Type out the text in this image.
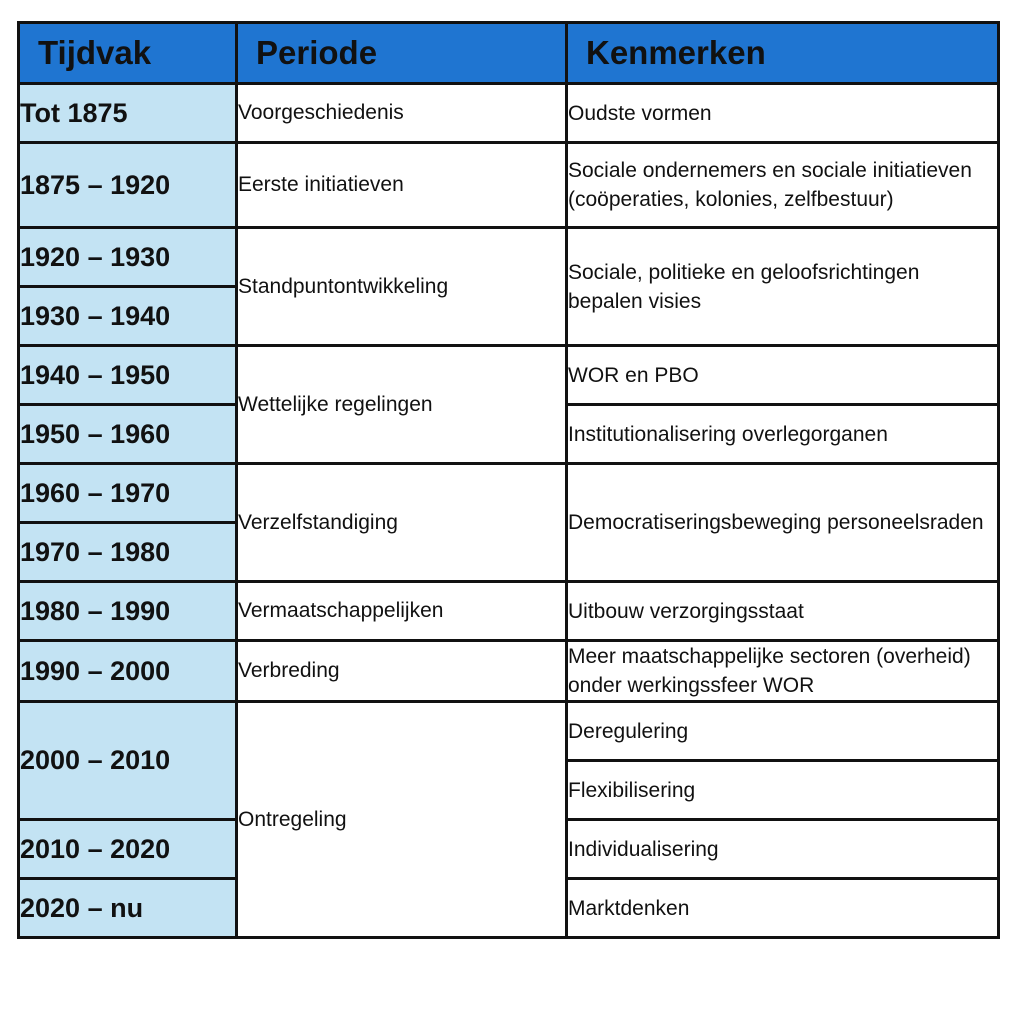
Tijdvak	Periode	Kenmerken

Tot 1875	Voorgeschiedenis	Oudste vormen
1875 – 1920	Eerste initiatieven	Sociale ondernemers en sociale initiatieven (coöperaties, kolonies, zelfbestuur)
1920 – 1930	Standpuntontwikkeling	Sociale, politieke en geloofsrichtingen bepalen visies
1930 – 1940		
1940 – 1950	Wettelijke regelingen	WOR en PBO
1950 – 1960		Institutionalisering overlegorganen
1960 – 1970	Verzelfstandiging	Democratiseringsbeweging personeelsraden
1970 – 1980		
1980 – 1990	Vermaatschappelijken	Uitbouw verzorgingsstaat
1990 – 2000	Verbreding	Meer maatschappelijke sectoren (overheid) onder werkingssfeer WOR
2000 – 2010	Ontregeling	Deregulering
		Flexibilisering
2010 – 2020		Individualisering
2020 – nu		Marktdenken
